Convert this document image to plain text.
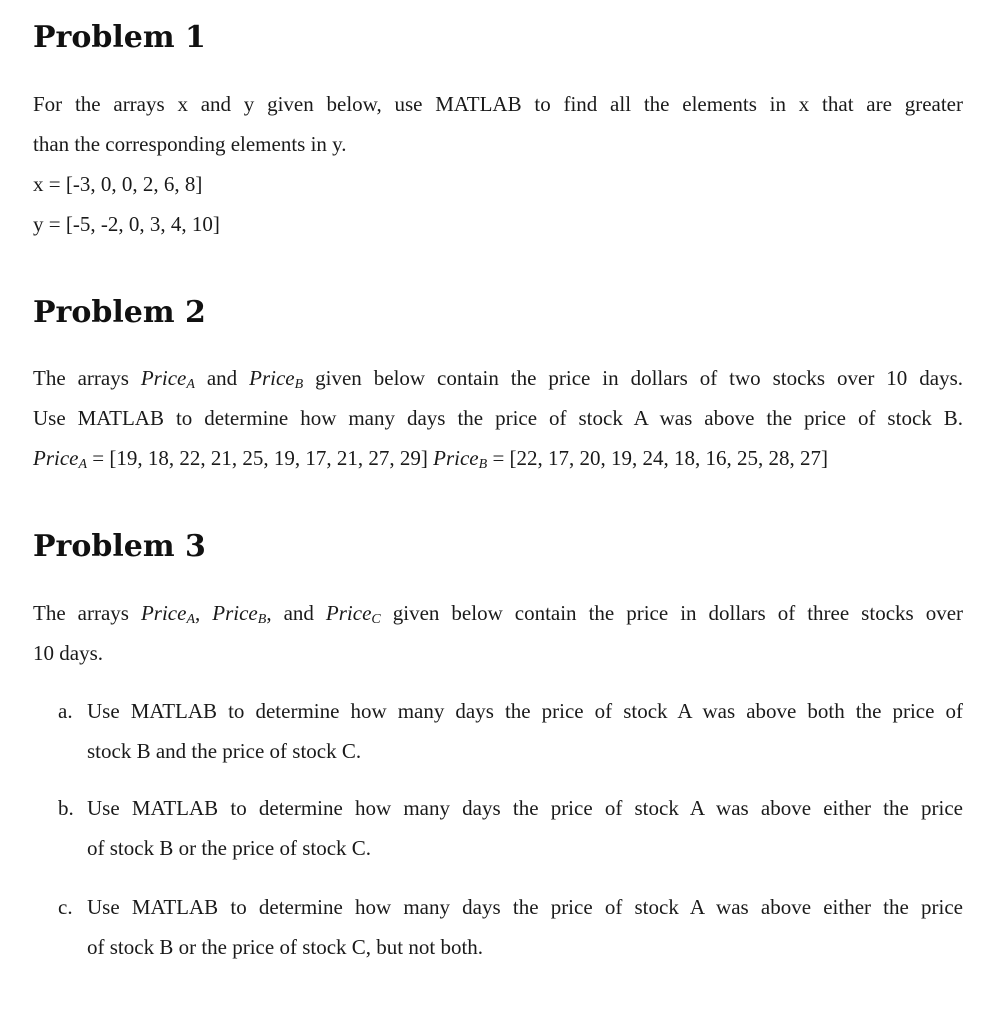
Problem 1
For the arrays x and y given below, use MATLAB to find all the elements in x that are greater
than the corresponding elements in y.
x = [-3, 0, 0, 2, 6, 8]
y = [-5, -2, 0, 3, 4, 10]
Problem 2
The arrays Price$_A$ and Price$_B$ given below contain the price in dollars of two stocks over 10 days.
Use MATLAB to determine how many days the price of stock A was above the price of stock B.
Price$_A$ = [19, 18, 22, 21, 25, 19, 17, 21, 27, 29] Price$_B$ = [22, 17, 20, 19, 24, 18, 16, 25, 28, 27]
Problem 3
The arrays Price$_A$, Price$_B$, and Price$_C$ given below contain the price in dollars of three stocks over
10 days.
a. Use MATLAB to determine how many days the price of stock A was above both the price of
stock B and the price of stock C.
b. Use MATLAB to determine how many days the price of stock A was above either the price
of stock B or the price of stock C.
c. Use MATLAB to determine how many days the price of stock A was above either the price
of stock B or the price of stock C, but not both.
